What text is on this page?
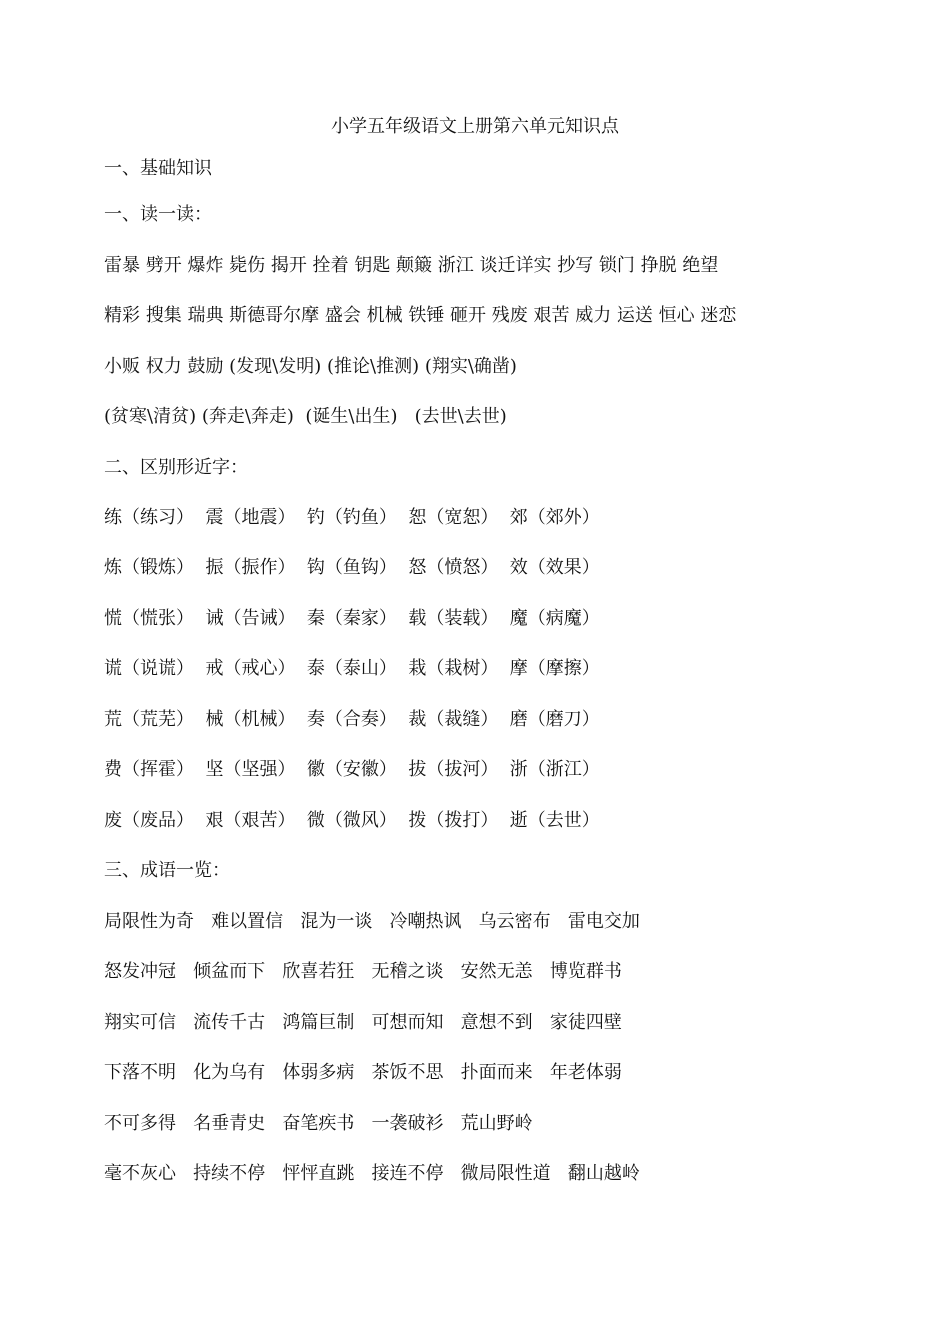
小学五年级语文上册第六单元知识点
一、基础知识
一、读一读：
雷暴 劈开 爆炸 毙伤 揭开 拴着 钥匙 颠簸 浙江 谈迁详实 抄写 锁门 挣脱 绝望
精彩 搜集 瑞典 斯德哥尔摩 盛会 机械 铁锤 砸开 残废 艰苦 威力 运送 恒心 迷恋
小贩 权力 鼓励 (发现\发明) (推论\推测) (翔实\确凿)
(贫寒\清贫) (奔走\奔走)  (诞生\出生)   (去世\去世)
二、区别形近字：
练（练习）  震（地震）  钓（钓鱼）  恕（宽恕）  郊（郊外）
炼（锻炼）  振（振作）  钩（鱼钩）  怒（愤怒）  效（效果）
慌（慌张）  诫（告诫）  秦（秦家）  载（装载）  魔（病魔）
谎（说谎）  戒（戒心）  泰（泰山）  栽（栽树）  摩（摩擦）
荒（荒芜）  械（机械）  奏（合奏）  裁（裁缝）  磨（磨刀）
费（挥霍）  坚（坚强）  徽（安徽）  拔（拔河）  浙（浙江）
废（废品）  艰（艰苦）  微（微风）  拨（拨打）  逝（去世）
三、成语一览：
局限性为奇   难以置信   混为一谈   冷嘲热讽   乌云密布   雷电交加
怒发冲冠   倾盆而下   欣喜若狂   无稽之谈   安然无恙   博览群书
翔实可信   流传千古   鸿篇巨制   可想而知   意想不到   家徒四壁
下落不明   化为乌有   体弱多病   茶饭不思   扑面而来   年老体弱
不可多得   名垂青史   奋笔疾书   一袭破衫   荒山野岭
毫不灰心   持续不停   怦怦直跳   接连不停   微局限性道   翻山越岭
